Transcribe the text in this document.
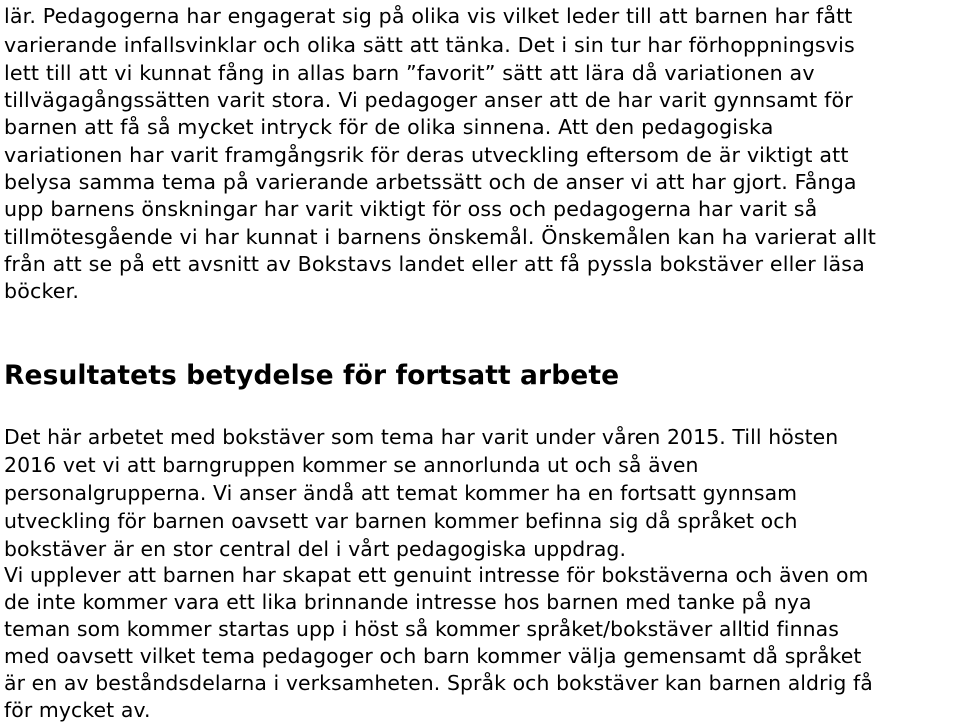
lär. Pedagogerna har engagerat sig på olika vis vilket leder till att barnen har fått
varierande infallsvinklar och olika sätt att tänka. Det i sin tur har förhoppningsvis
lett till att vi kunnat fång in allas barn ”favorit” sätt att lära då variationen av
tillvägagångssätten varit stora. Vi pedagoger anser att de har varit gynnsamt för
barnen att få så mycket intryck för de olika sinnena. Att den pedagogiska
variationen har varit framgångsrik för deras utveckling eftersom de är viktigt att
belysa samma tema på varierande arbetssätt och de anser vi att har gjort. Fånga
upp barnens önskningar har varit viktigt för oss och pedagogerna har varit så
tillmötesgående vi har kunnat i barnens önskemål. Önskemålen kan ha varierat allt
från att se på ett avsnitt av Bokstavs landet eller att få pyssla bokstäver eller läsa
böcker.
Resultatets betydelse för fortsatt arbete
Det här arbetet med bokstäver som tema har varit under våren 2015. Till hösten
2016 vet vi att barngruppen kommer se annorlunda ut och så även
personalgrupperna. Vi anser ändå att temat kommer ha en fortsatt gynnsam
utveckling för barnen oavsett var barnen kommer befinna sig då språket och
bokstäver är en stor central del i vårt pedagogiska uppdrag.
Vi upplever att barnen har skapat ett genuint intresse för bokstäverna och även om
de inte kommer vara ett lika brinnande intresse hos barnen med tanke på nya
teman som kommer startas upp i höst så kommer språket/bokstäver alltid finnas
med oavsett vilket tema pedagoger och barn kommer välja gemensamt då språket
är en av beståndsdelarna i verksamheten. Språk och bokstäver kan barnen aldrig få
för mycket av.
